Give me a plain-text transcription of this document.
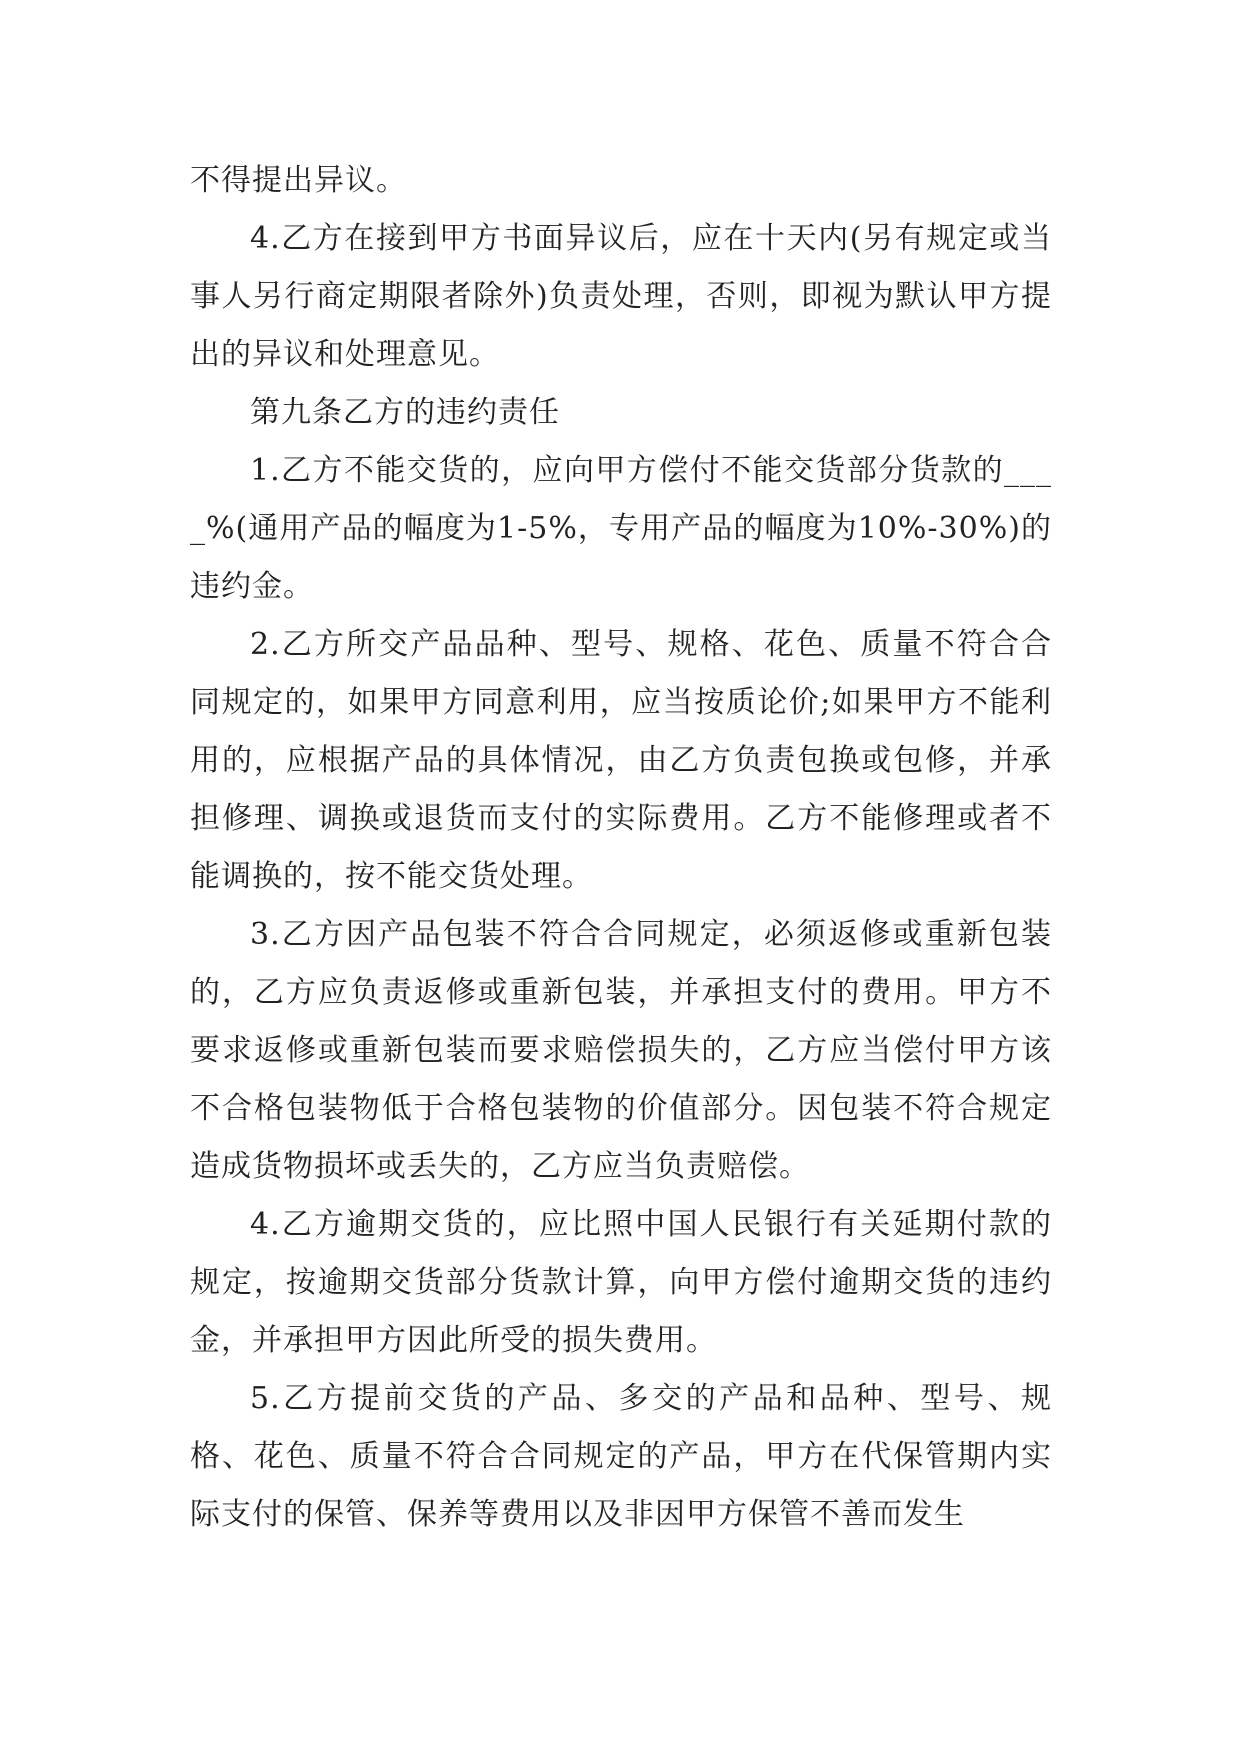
不得提出异议。

4.乙方在接到甲方书面异议后，应在十天内(另有规定或当事人另行商定期限者除外)负责处理，否则，即视为默认甲方提出的异议和处理意见。

第九条乙方的违约责任

1.乙方不能交货的，应向甲方偿付不能交货部分货款的____%(通用产品的幅度为1-5%，专用产品的幅度为10%-30%)的违约金。

2.乙方所交产品品种、型号、规格、花色、质量不符合合同规定的，如果甲方同意利用，应当按质论价;如果甲方不能利用的，应根据产品的具体情况，由乙方负责包换或包修，并承担修理、调换或退货而支付的实际费用。乙方不能修理或者不能调换的，按不能交货处理。

3.乙方因产品包装不符合合同规定，必须返修或重新包装的，乙方应负责返修或重新包装，并承担支付的费用。甲方不要求返修或重新包装而要求赔偿损失的，乙方应当偿付甲方该不合格包装物低于合格包装物的价值部分。因包装不符合规定造成货物损坏或丢失的，乙方应当负责赔偿。

4.乙方逾期交货的，应比照中国人民银行有关延期付款的规定，按逾期交货部分货款计算，向甲方偿付逾期交货的违约金，并承担甲方因此所受的损失费用。

5.乙方提前交货的产品、多交的产品和品种、型号、规格、花色、质量不符合合同规定的产品，甲方在代保管期内实际支付的保管、保养等费用以及非因甲方保管不善而发生
